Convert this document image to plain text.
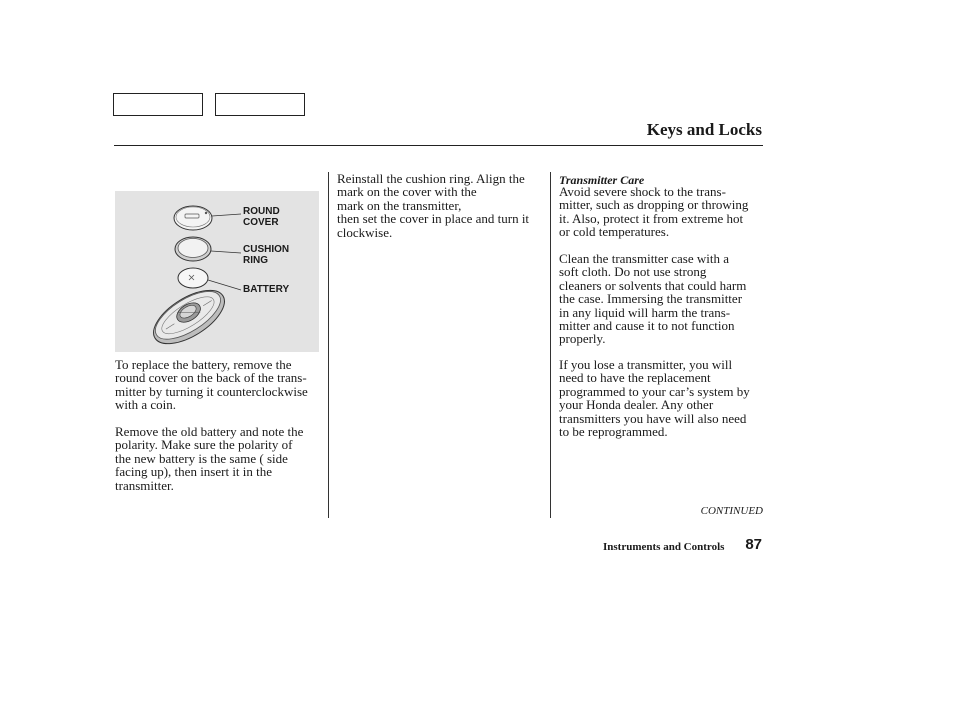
Keys and Locks
ROUND
COVER
CUSHION
RING
BATTERY
To replace the battery, remove the
round cover on the back of the trans-
mitter by turning it counterclockwise
with a coin.
Remove the old battery and note the
polarity. Make sure the polarity of
the new battery is the same ( side
facing up), then insert it in the
transmitter.
Reinstall the cushion ring. Align the
mark on the cover with the
mark on the transmitter,
then set the cover in place and turn it
clockwise.
Transmitter Care
Avoid severe shock to the trans-
mitter, such as dropping or throwing
it. Also, protect it from extreme hot
or cold temperatures.
Clean the transmitter case with a
soft cloth. Do not use strong
cleaners or solvents that could harm
the case. Immersing the transmitter
in any liquid will harm the trans-
mitter and cause it to not function
properly.
If you lose a transmitter, you will
need to have the replacement
programmed to your car’s system by
your Honda dealer. Any other
transmitters you have will also need
to be reprogrammed.
CONTINUED
Instruments and Controls 87
